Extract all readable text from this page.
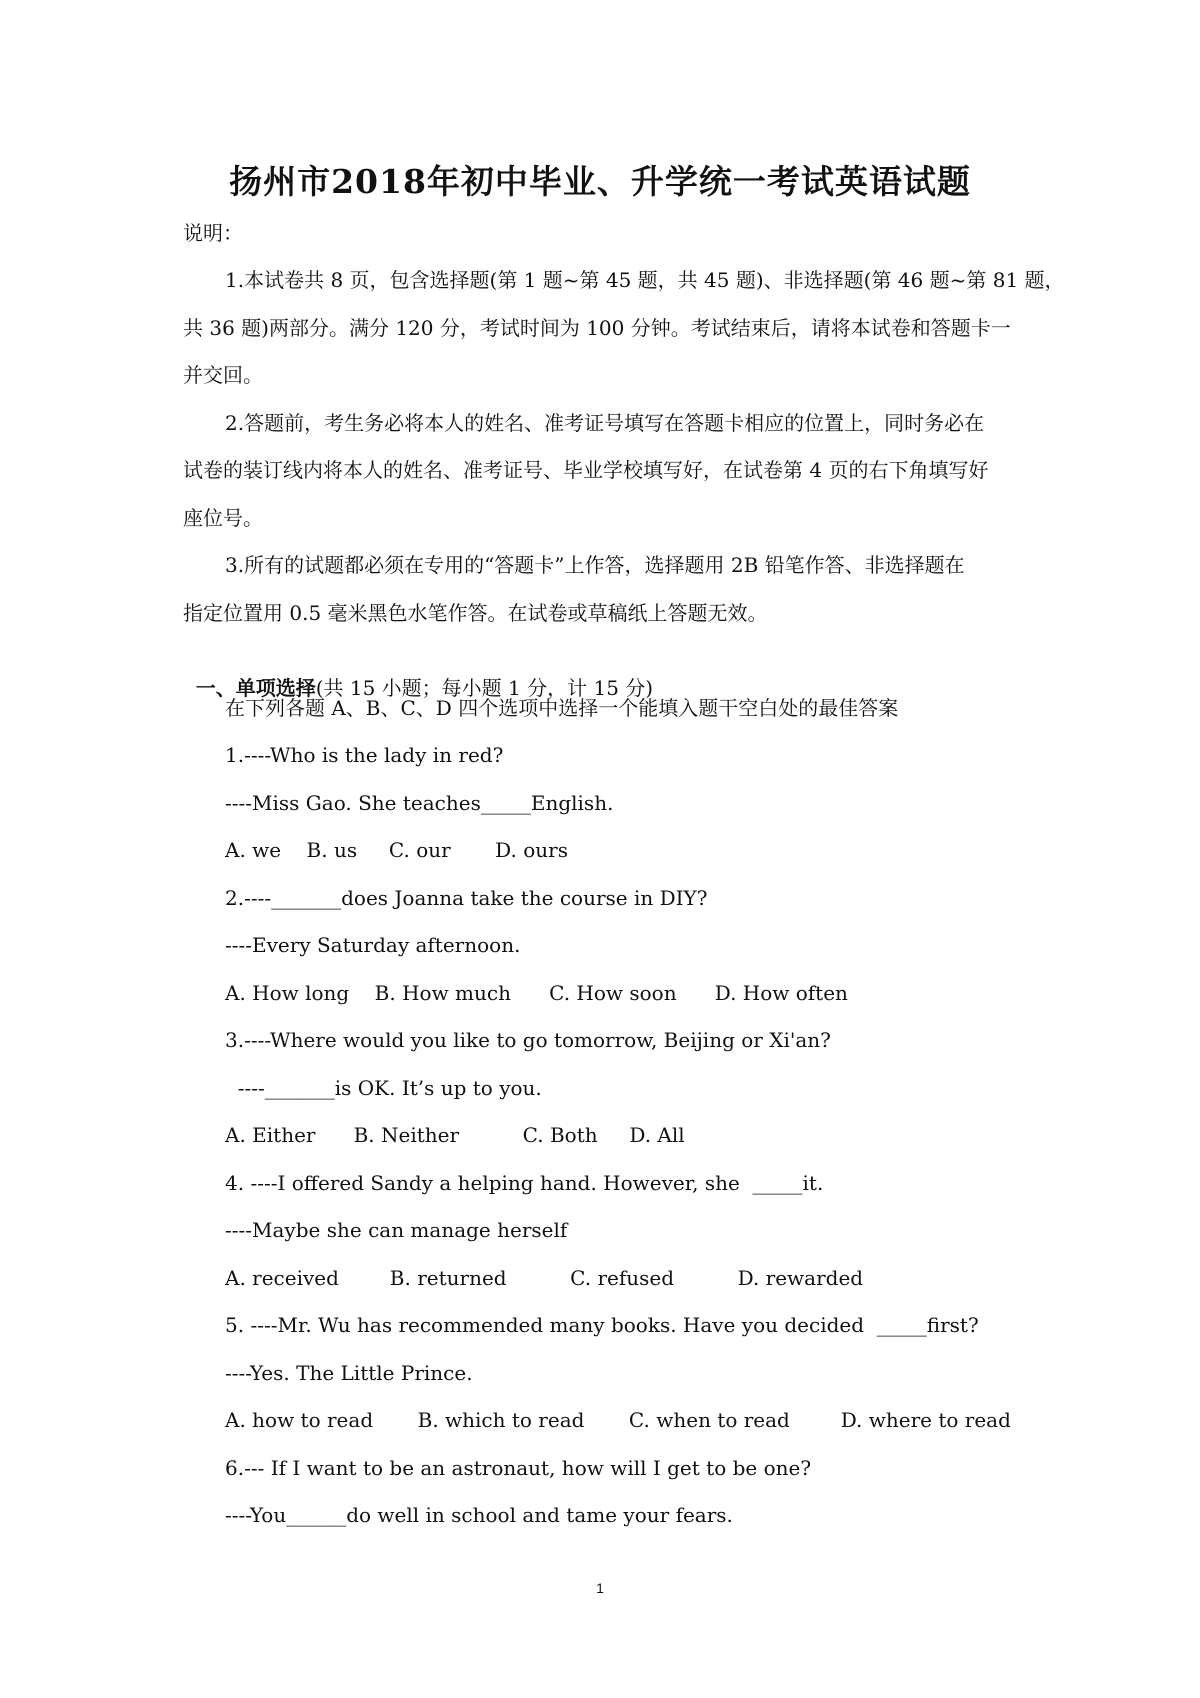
扬州市2018年初中毕业、升学统一考试英语试题
说明：
1.本试卷共 8 页，包含选择题(第 1 题~第 45 题，共 45 题)、非选择题(第 46 题~第 81 题，
共 36 题)两部分。满分 120 分，考试时间为 100 分钟。考试结束后，请将本试卷和答题卡一
并交回。
2.答题前，考生务必将本人的姓名、准考证号填写在答题卡相应的位置上，同时务必在
试卷的装订线内将本人的姓名、准考证号、毕业学校填写好，在试卷第 4 页的右下角填写好
座位号。
3.所有的试题都必须在专用的“答题卡”上作答，选择题用 2B 铅笔作答、非选择题在
指定位置用 0.5 毫米黑色水笔作答。在试卷或草稿纸上答题无效。

一、单项选择(共 15 小题；每小题 1 分，计 15 分)

在下列各题 A、B、C、D 四个选项中选择一个能填入题干空白处的最佳答案
1.----Who is the lady in red?
----Miss Gao. She teaches_____English.
A. we    B. us     C. our       D. ours
2.----_______does Joanna take the course in DIY?
----Every Saturday afternoon.
A. How long    B. How much      C. How soon      D. How often
3.----Where would you like to go tomorrow, Beijing or Xi'an?
----_______is OK. It’s up to you.
A. Either      B. Neither          C. Both     D. All
4. ----I offered Sandy a helping hand. However, she  _____it.
----Maybe she can manage herself
A. received        B. returned          C. refused          D. rewarded
5. ----Mr. Wu has recommended many books. Have you decided  _____first?
----Yes. The Little Prince.
A. how to read       B. which to read       C. when to read        D. where to read
6.--- If I want to be an astronaut, how will I get to be one?
----You______do well in school and tame your fears.
1
